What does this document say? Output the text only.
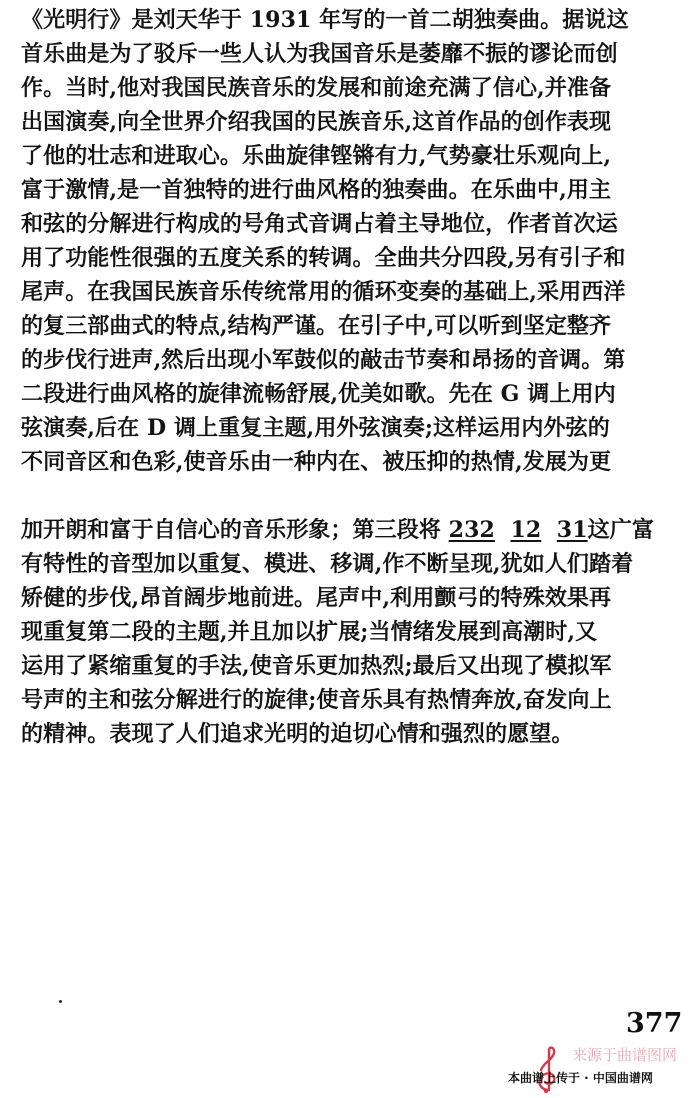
《光明行》是刘天华于 1931 年写的一首二胡独奏曲。据说这
首乐曲是为了驳斥一些人认为我国音乐是萎靡不振的谬论而创
作。当时,他对我国民族音乐的发展和前途充满了信心,并准备
出国演奏,向全世界介绍我国的民族音乐,这首作品的创作表现
了他的壮志和进取心。乐曲旋律铿锵有力,气势豪壮乐观向上,
富于激情,是一首独特的进行曲风格的独奏曲。在乐曲中,用主
和弦的分解进行构成的号角式音调占着主导地位，作者首次运
用了功能性很强的五度关系的转调。全曲共分四段,另有引子和
尾声。在我国民族音乐传统常用的循环变奏的基础上,采用西洋
的复三部曲式的特点,结构严谨。在引子中,可以听到坚定整齐
的步伐行进声,然后出现小军鼓似的敲击节奏和昂扬的音调。第
二段进行曲风格的旋律流畅舒展,优美如歌。先在 G 调上用内
弦演奏,后在 D 调上重复主题,用外弦演奏;这样运用内外弦的
不同音区和色彩,使音乐由一种内在、被压抑的热情,发展为更
加开朗和富于自信心的音乐形象；第三段将 232 12 31这广富
有特性的音型加以重复、模进、移调,作不断呈现,犹如人们踏着
矫健的步伐,昂首阔步地前进。尾声中,利用颤弓的特殊效果再
现重复第二段的主题,并且加以扩展;当情绪发展到高潮时,又
运用了紧缩重复的手法,使音乐更加热烈;最后又出现了模拟军
号声的主和弦分解进行的旋律;使音乐具有热情奔放,奋发向上
的精神。表现了人们追求光明的迫切心情和强烈的愿望。
377
来源于曲谱图网
本曲谱上传于 · 中国曲谱网
